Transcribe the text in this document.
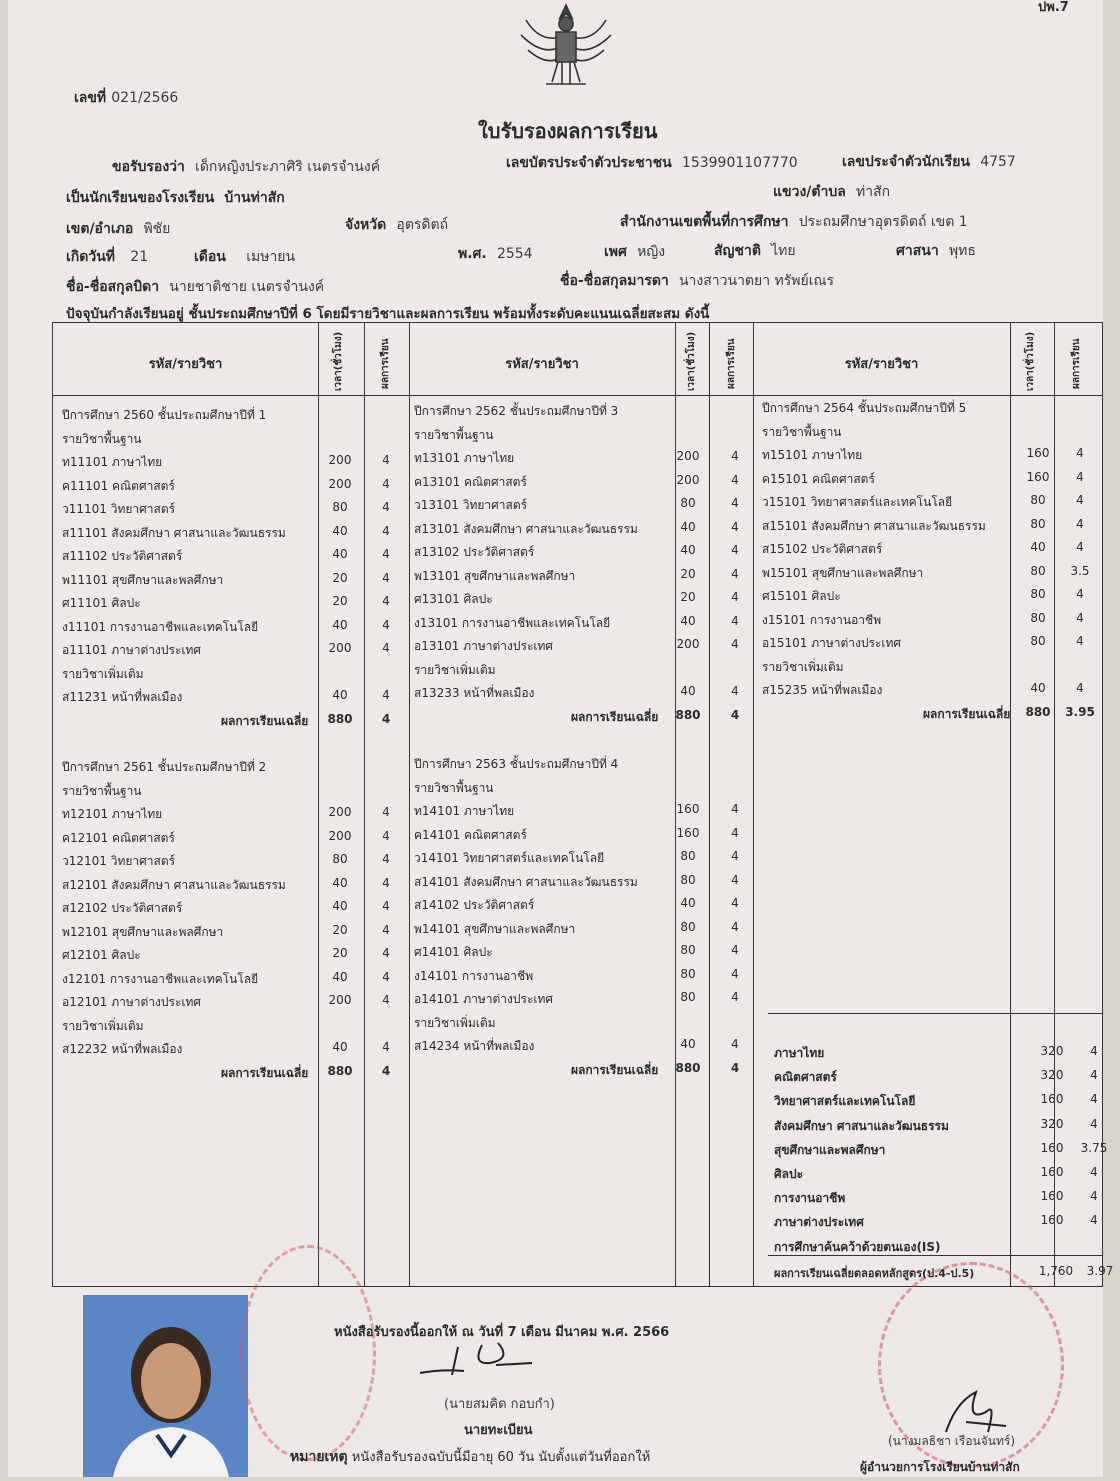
ปพ.7
เลขที่ 021/2566
ใบรับรองผลการเรียน
ขอรับรองว่า เด็กหญิงประภาศิริ เนตรจำนงค์	เลขบัตรประจำตัวประชาชน 1539901107770	เลขประจำตัวนักเรียน 4757
เป็นนักเรียนของโรงเรียน บ้านท่าสัก	แขวง/ตำบล ท่าสัก
เขต/อำเภอ พิชัย	จังหวัด อุตรดิตถ์	สำนักงานเขตพื้นที่การศึกษา ประถมศึกษาอุตรดิตถ์ เขต 1
เกิดวันที่ 21	เดือน เมษายน	พ.ศ. 2554	เพศ หญิง	สัญชาติ ไทย	ศาสนา พุทธ
ชื่อ-ชื่อสกุลบิดา นายชาติชาย เนตรจำนงค์	ชื่อ-ชื่อสกุลมารดา นางสาวนาตยา ทรัพย์เณร
ปัจจุบันกำลังเรียนอยู่ ชั้นประถมศึกษาปีที่ 6 โดยมีรายวิชาและผลการเรียน พร้อมทั้งระดับคะแนนเฉลี่ยสะสม ดังนี้
รหัส/รายวิชา	เวลา(ชั่วโมง)	ผลการเรียน	รหัส/รายวิชา	เวลา(ชั่วโมง)	ผลการเรียน	รหัส/รายวิชา	เวลา(ชั่วโมง)	ผลการเรียน
หนังสือรับรองนี้ออกให้ ณ วันที่ 7 เดือน มีนาคม พ.ศ. 2566
(นายสมคิด กอบกำ)
นายทะเบียน
หมายเหตุ หนังสือรับรองฉบับนี้มีอายุ 60 วัน นับตั้งแต่วันที่ออกให้
(นางมลธิชา เรือนจันทร์)
ผู้อำนวยการโรงเรียนบ้านท่าสัก
ปีการศึกษา 2560 ชั้นประถมศึกษาปีที่ 1
รายวิชาพื้นฐาน
ท11101 ภาษาไทย	200	4
ค11101 คณิตศาสตร์	200	4
ว11101 วิทยาศาสตร์	80	4
ส11101 สังคมศึกษา ศาสนาและวัฒนธรรม	40	4
ส11102 ประวัติศาสตร์	40	4
พ11101 สุขศึกษาและพลศึกษา	20	4
ศ11101 ศิลปะ	20	4
ง11101 การงานอาชีพและเทคโนโลยี	40	4
อ11101 ภาษาต่างประเทศ	200	4
รายวิชาเพิ่มเติม
ส11231 หน้าที่พลเมือง	40	4
ผลการเรียนเฉลี่ย	880	4
ปีการศึกษา 2562 ชั้นประถมศึกษาปีที่ 3
รายวิชาพื้นฐาน
ท13101 ภาษาไทย	200	4
ค13101 คณิตศาสตร์	200	4
ว13101 วิทยาศาสตร์	80	4
ส13101 สังคมศึกษา ศาสนาและวัฒนธรรม	40	4
ส13102 ประวัติศาสตร์	40	4
พ13101 สุขศึกษาและพลศึกษา	20	4
ศ13101 ศิลปะ	20	4
ง13101 การงานอาชีพและเทคโนโลยี	40	4
อ13101 ภาษาต่างประเทศ	200	4
รายวิชาเพิ่มเติม
ส13233 หน้าที่พลเมือง	40	4
ผลการเรียนเฉลี่ย	880	4
ปีการศึกษา 2564 ชั้นประถมศึกษาปีที่ 5
รายวิชาพื้นฐาน
ท15101 ภาษาไทย	160	4
ค15101 คณิตศาสตร์	160	4
ว15101 วิทยาศาสตร์และเทคโนโลยี	80	4
ส15101 สังคมศึกษา ศาสนาและวัฒนธรรม	80	4
ส15102 ประวัติศาสตร์	40	4
พ15101 สุขศึกษาและพลศึกษา	80	3.5
ศ15101 ศิลปะ	80	4
ง15101 การงานอาชีพ	80	4
อ15101 ภาษาต่างประเทศ	80	4
รายวิชาเพิ่มเติม
ส15235 หน้าที่พลเมือง	40	4
ผลการเรียนเฉลี่ย	880	3.95
ปีการศึกษา 2561 ชั้นประถมศึกษาปีที่ 2
รายวิชาพื้นฐาน
ท12101 ภาษาไทย	200	4
ค12101 คณิตศาสตร์	200	4
ว12101 วิทยาศาสตร์	80	4
ส12101 สังคมศึกษา ศาสนาและวัฒนธรรม	40	4
ส12102 ประวัติศาสตร์	40	4
พ12101 สุขศึกษาและพลศึกษา	20	4
ศ12101 ศิลปะ	20	4
ง12101 การงานอาชีพและเทคโนโลยี	40	4
อ12101 ภาษาต่างประเทศ	200	4
รายวิชาเพิ่มเติม
ส12232 หน้าที่พลเมือง	40	4
ผลการเรียนเฉลี่ย	880	4
ปีการศึกษา 2563 ชั้นประถมศึกษาปีที่ 4
รายวิชาพื้นฐาน
ท14101 ภาษาไทย	160	4
ค14101 คณิตศาสตร์	160	4
ว14101 วิทยาศาสตร์และเทคโนโลยี	80	4
ส14101 สังคมศึกษา ศาสนาและวัฒนธรรม	80	4
ส14102 ประวัติศาสตร์	40	4
พ14101 สุขศึกษาและพลศึกษา	80	4
ศ14101 ศิลปะ	80	4
ง14101 การงานอาชีพ	80	4
อ14101 ภาษาต่างประเทศ	80	4
รายวิชาเพิ่มเติม
ส14234 หน้าที่พลเมือง	40	4
ผลการเรียนเฉลี่ย	880	4
ภาษาไทย	320	4
คณิตศาสตร์	320	4
วิทยาศาสตร์และเทคโนโลยี	160	4
สังคมศึกษา ศาสนาและวัฒนธรรม	320	4
สุขศึกษาและพลศึกษา	160	3.75
ศิลปะ	160	4
การงานอาชีพ	160	4
ภาษาต่างประเทศ	160	4
การศึกษาค้นคว้าด้วยตนเอง(IS)
ผลการเรียนเฉลี่ยตลอดหลักสูตร(ป.4-ป.5)	1,760	3.97
